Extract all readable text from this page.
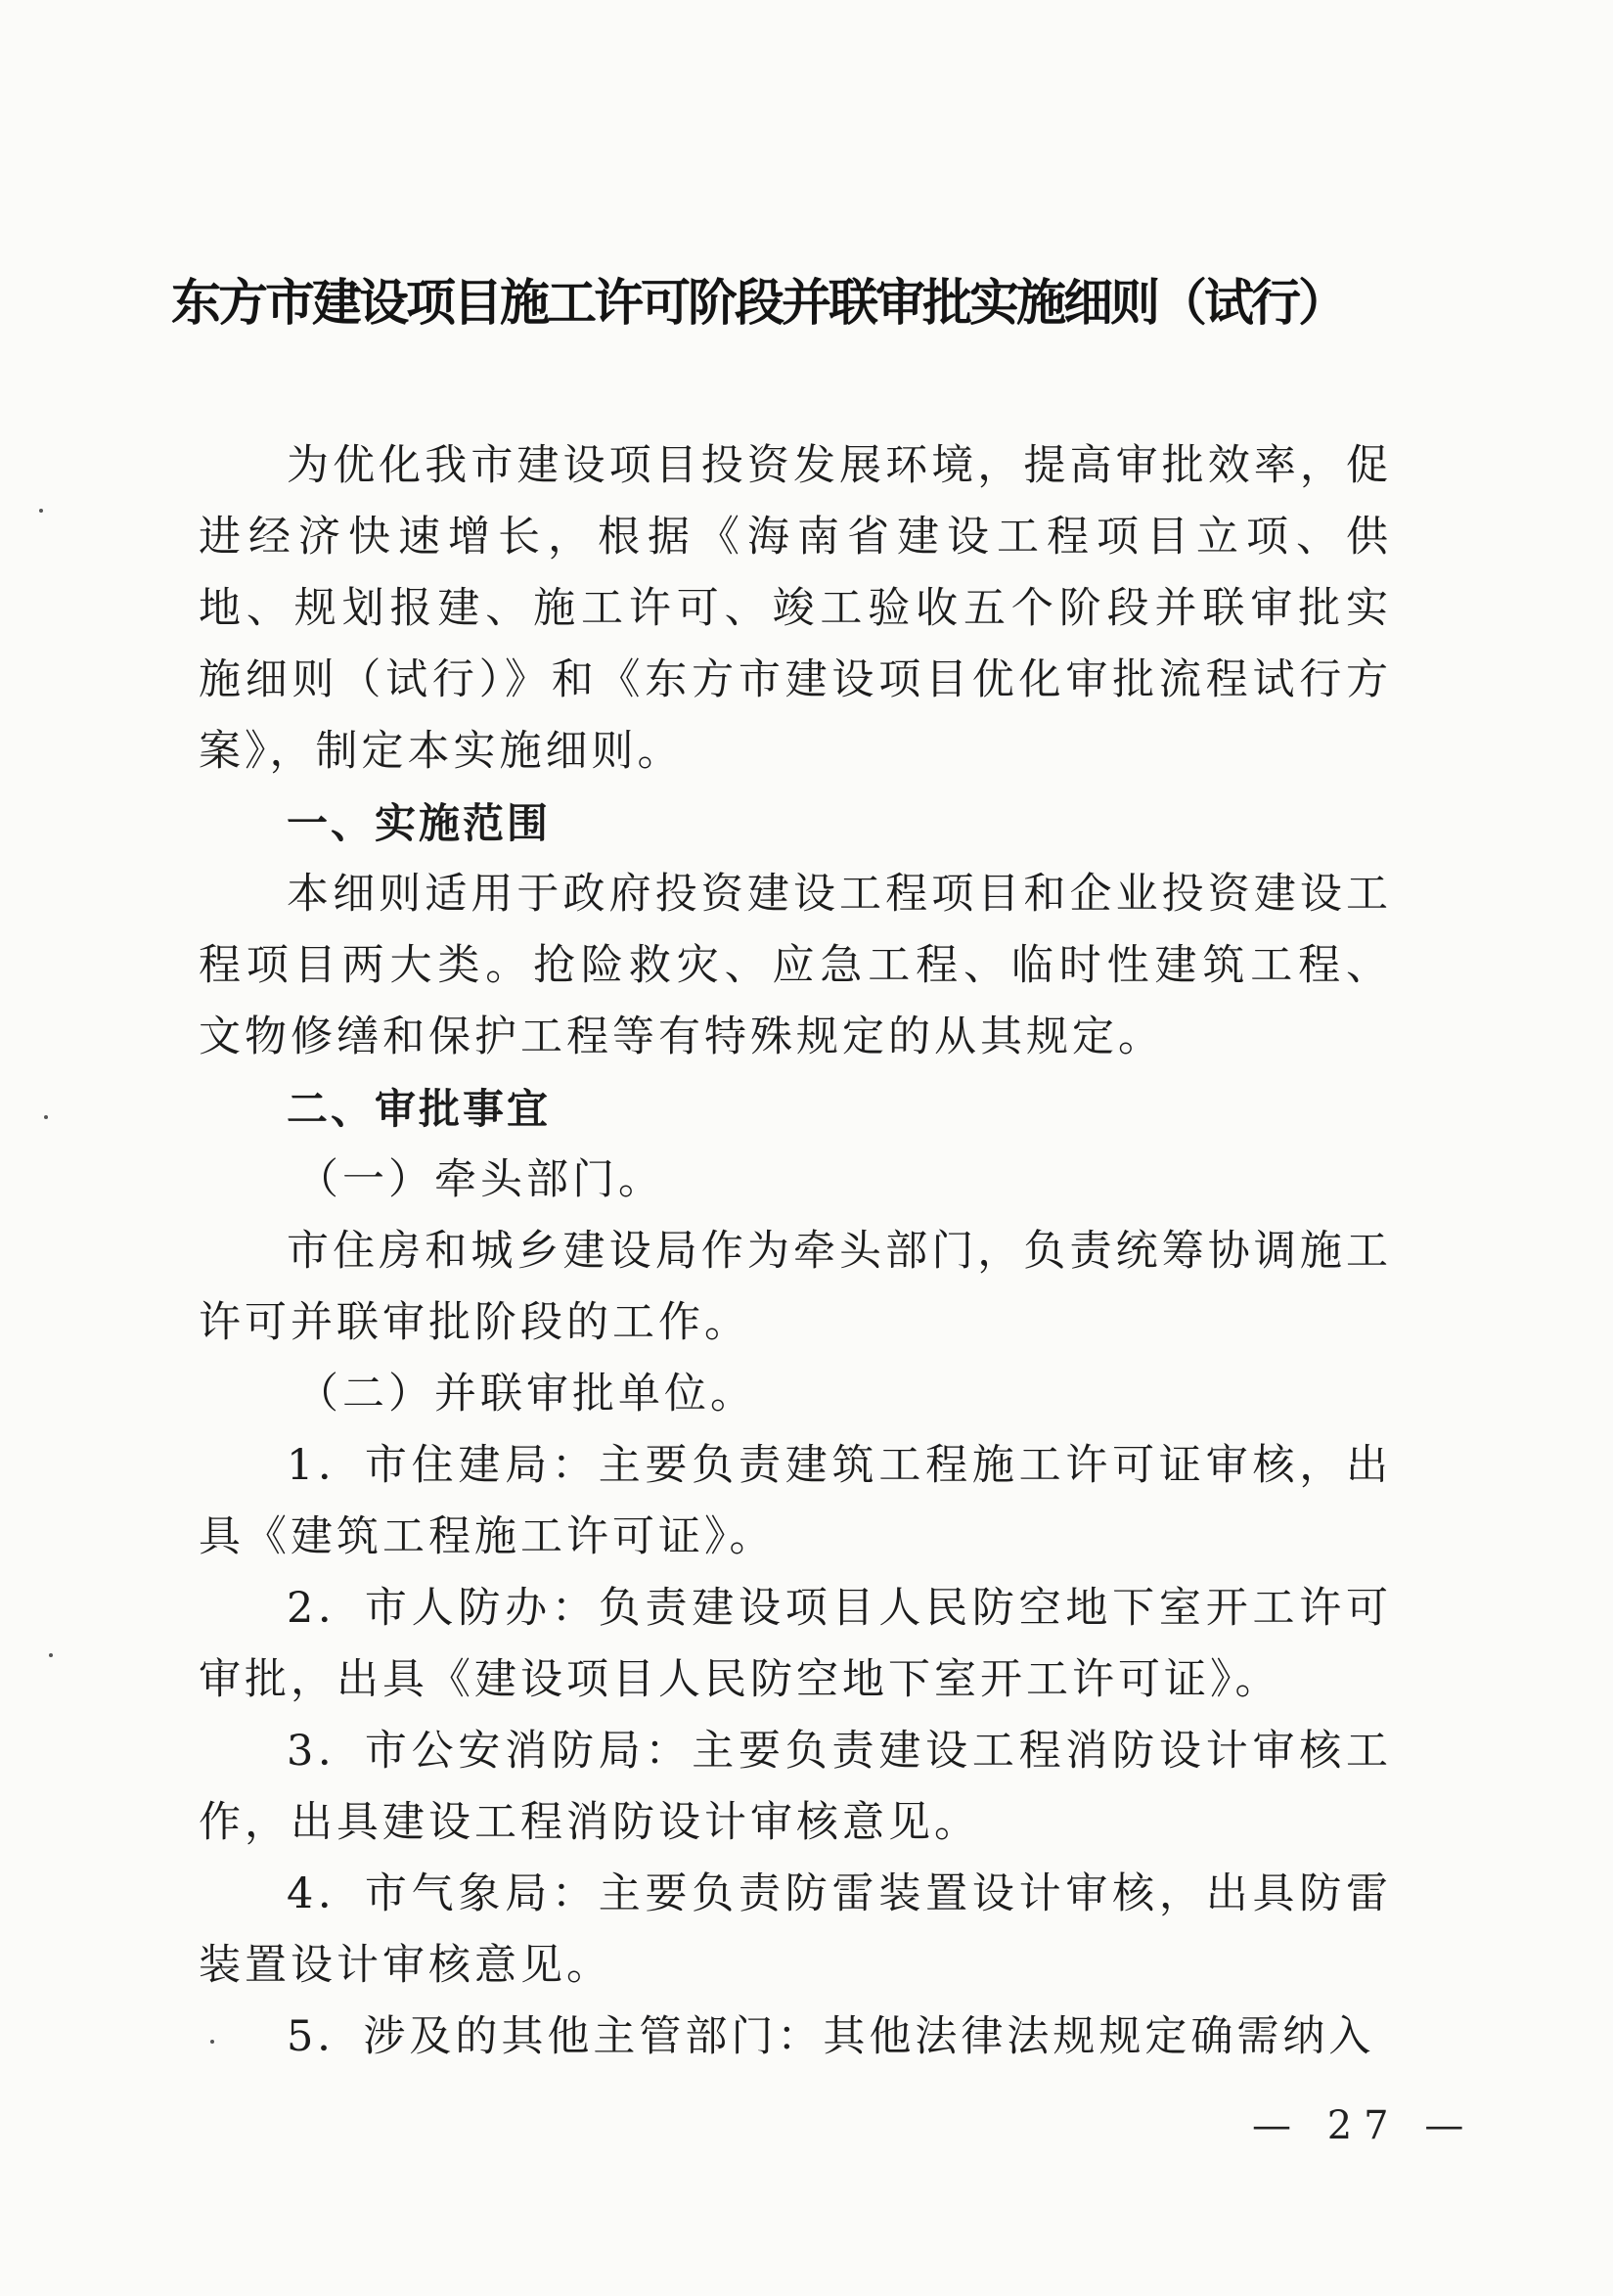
东方市建设项目施工许可阶段并联审批实施细则（试行）

为优化我市建设项目投资发展环境，提高审批效率，促进经济快速增长，根据《海南省建设工程项目立项、供地、规划报建、施工许可、竣工验收五个阶段并联审批实施细则（试行）》和《东方市建设项目优化审批流程试行方案》，制定本实施细则。

一、实施范围

本细则适用于政府投资建设工程项目和企业投资建设工程项目两大类。抢险救灾、应急工程、临时性建筑工程、文物修缮和保护工程等有特殊规定的从其规定。

二、审批事宜

（一）牵头部门。

市住房和城乡建设局作为牵头部门，负责统筹协调施工许可并联审批阶段的工作。

（二）并联审批单位。

1．市住建局：主要负责建筑工程施工许可证审核，出具《建筑工程施工许可证》。

2．市人防办：负责建设项目人民防空地下室开工许可审批，出具《建设项目人民防空地下室开工许可证》。

3．市公安消防局：主要负责建设工程消防设计审核工作，出具建设工程消防设计审核意见。

4．市气象局：主要负责防雷装置设计审核，出具防雷装置设计审核意见。

5．涉及的其他主管部门：其他法律法规规定确需纳入

— 27 —
